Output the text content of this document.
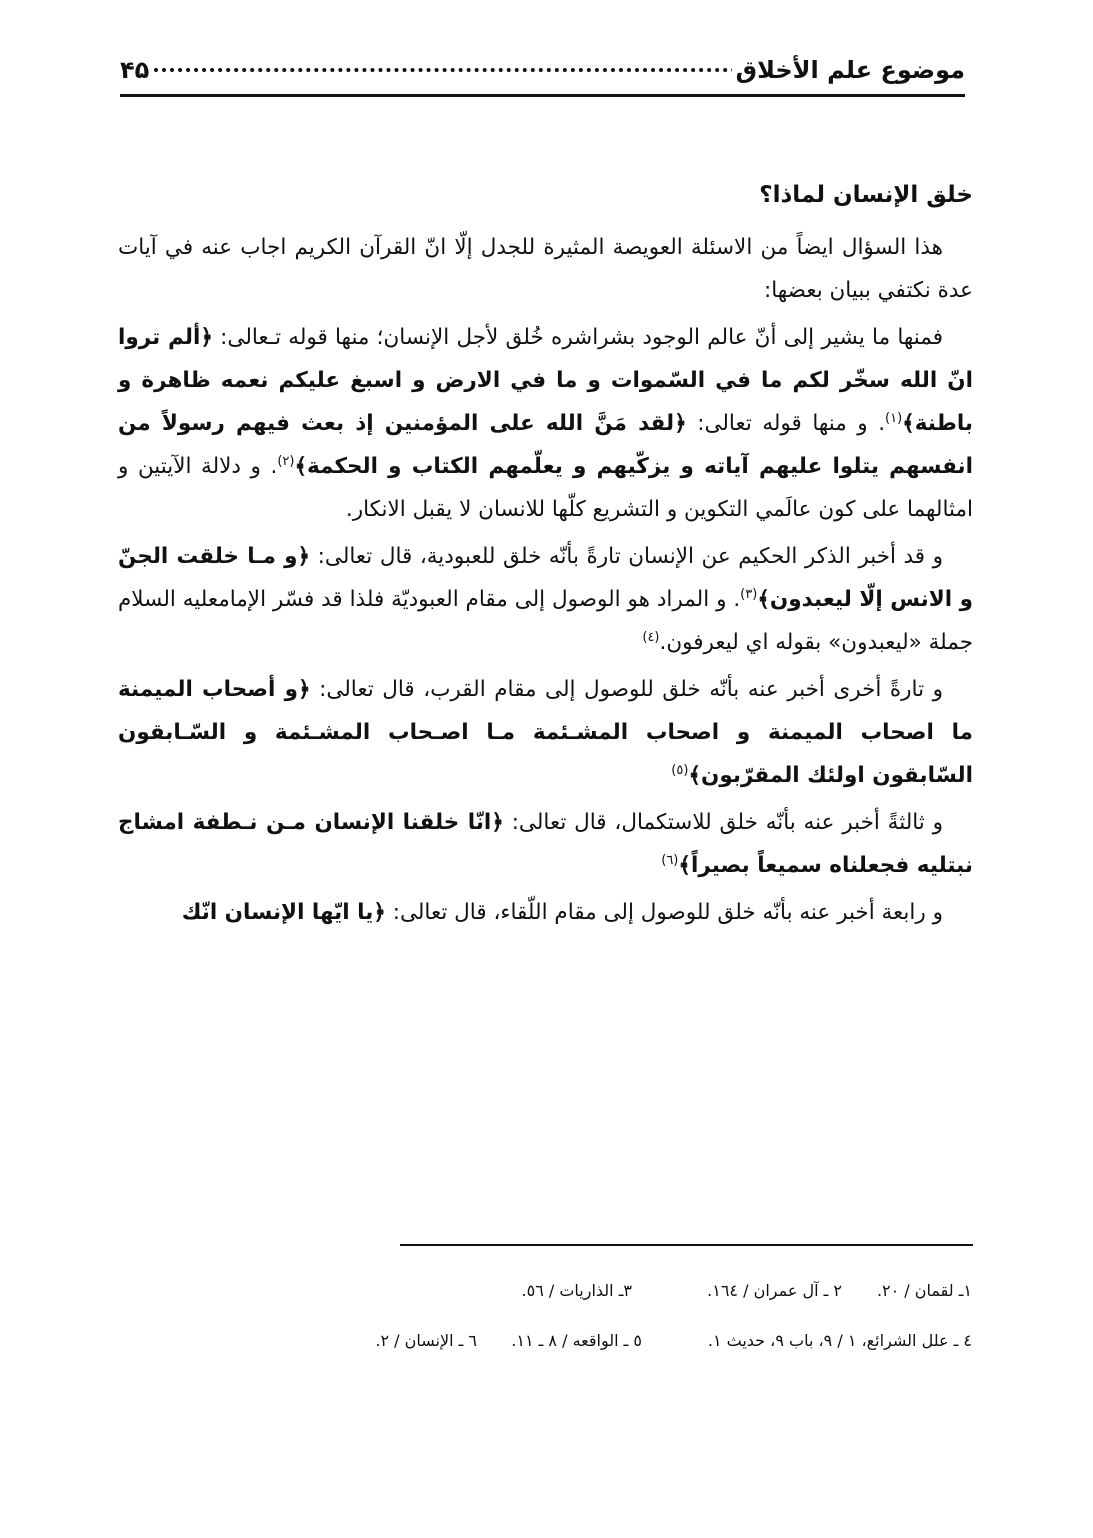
موضوع علم الأخلاق
۴۵
خلق الإنسان لماذا؟

هذا السؤال ايضاً من الاسئلة العويصة المثيرة للجدل إلّا انّ القرآن الكريم اجاب عنه في آيات عدة نكتفي ببيان بعضها:

فمنها ما يشير إلى أنّ عالم الوجود بشراشره خُلق لأجل الإنسان؛ منها قوله تـعالى: ﴿ألم تروا انّ الله سخّر لكم ما في السّموات و ما في الارض و اسبغ عليكم نعمه ظاهرة و باطنة﴾$^{(١)}$. و منها قوله تعالى: ﴿لقد مَنَّ الله على المؤمنين إذ بعث فيهم رسولاً من انفسهم يتلوا عليهم آياته و يزكّيهم و يعلّمهم الكتاب و الحكمة﴾$^{(٢)}$. و دلالة الآيتين و امثالهما على كون عالَمي التكوين و التشريع كلّها للانسان لا يقبل الانكار.

و قد أخبر الذكر الحكيم عن الإنسان تارةً بأنّه خلق للعبودية، قال تعالى: ﴿و مـا خلقت الجنّ و الانس إلّا ليعبدون﴾$^{(٣)}$. و المراد هو الوصول إلى مقام العبوديّة فلذا قد فسّر الإمامعليه السلام جملة «ليعبدون» بقوله اي ليعرفون.$^{(٤)}$

و تارةً أخرى أخبر عنه بأنّه خلق للوصول إلى مقام القرب، قال تعالى: ﴿و أصحاب الميمنة ما اصحاب الميمنة و اصحاب المشـئمة مـا اصـحاب المشـئمة و السّـابقون السّابقون اولئك المقرّبون﴾$^{(٥)}$

و ثالثةً أخبر عنه بأنّه خلق للاستكمال، قال تعالى: ﴿انّا خلقنا الإنسان مـن نـطفة امشاج نبتليه فجعلناه سميعاً بصيراً﴾$^{(٦)}$

و رابعة أخبر عنه بأنّه خلق للوصول إلى مقام اللّقاء، قال تعالى: ﴿يا ايّها الإنسان انّك

١ـ لقمان / ٢٠.
٢ ـ آل عمران / ١٦٤.
٣ـ الذاريات / ٥٦.
٤ ـ علل الشرائع، ١ / ٩، باب ٩، حديث ١.
٥ ـ الواقعه / ٨ ـ ١١.
٦ ـ الإنسان / ٢.
